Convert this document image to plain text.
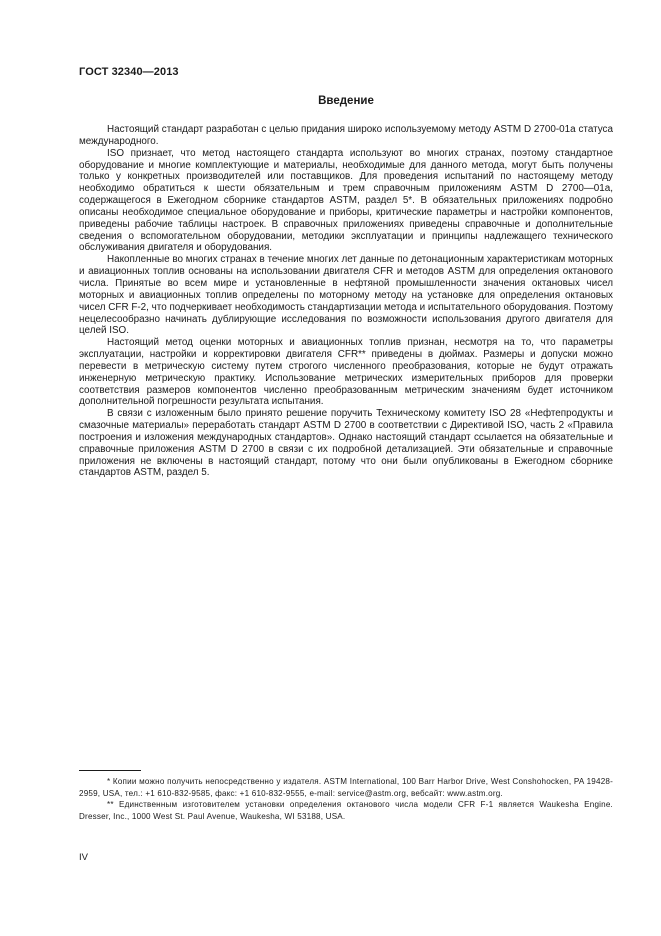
ГОСТ 32340—2013
Введение

Настоящий стандарт разработан с целью придания широко используемому методу ASTM D 2700-01a статуса международного.

ISO признает, что метод настоящего стандарта используют во многих странах, поэтому стандартное оборудование и многие комплектующие и материалы, необходимые для данного метода, могут быть получены только у конкретных производителей или поставщиков. Для проведения испытаний по настоящему методу необходимо обратиться к шести обязательным и трем справочным приложениям ASTM D 2700—01a, содержащегося в Ежегодном сборнике стандартов ASTM, раздел 5*. В обязательных приложениях подробно описаны необходимое специальное оборудование и приборы, критические параметры и настройки компонентов, приведены рабочие таблицы настроек. В справочных приложениях приведены справочные и дополнительные сведения о вспомогательном оборудовании, методики эксплуатации и принципы надлежащего технического обслуживания двигателя и оборудования.

Накопленные во многих странах в течение многих лет данные по детонационным характеристикам моторных и авиационных топлив основаны на использовании двигателя CFR и методов ASTM для определения октанового числа. Принятые во всем мире и установленные в нефтяной промышленности значения октановых чисел моторных и авиационных топлив определены по моторному методу на установке для определения октановых чисел CFR F-2, что подчеркивает необходимость стандартизации метода и испытательного оборудования. Поэтому нецелесообразно начинать дублирующие исследования по возможности использования другого двигателя для целей ISO.

Настоящий метод оценки моторных и авиационных топлив признан, несмотря на то, что параметры эксплуатации, настройки и корректировки двигателя CFR** приведены в дюймах. Размеры и допуски можно перевести в метрическую систему путем строгого численного преобразования, которые не будут отражать инженерную метрическую практику. Использование метрических измерительных приборов для проверки соответствия размеров компонентов численно преобразованным метрическим значениям будет источником дополнительной погрешности результата испытания.

В связи с изложенным было принято решение поручить Техническому комитету ISO 28 «Нефтепродукты и смазочные материалы» переработать стандарт ASTM D 2700 в соответствии с Директивой ISO, часть 2 «Правила построения и изложения международных стандартов». Однако настоящий стандарт ссылается на обязательные и справочные приложения ASTM D 2700 в связи с их подробной детализацией. Эти обязательные и справочные приложения не включены в настоящий стандарт, потому что они были опубликованы в Ежегодном сборнике стандартов ASTM, раздел 5.

* Копии можно получить непосредственно у издателя. ASTM International, 100 Barr Harbor Drive, West Conshohocken, PA 19428-2959, USA, тел.: +1 610-832-9585, факс: +1 610-832-9555, e-mail: service@astm.org, вебсайт: www.astm.org.

** Единственным изготовителем установки определения октанового числа модели CFR F-1 является Waukesha Engine. Dresser, Inc., 1000 West St. Paul Avenue, Waukesha, WI 53188, USA.

IV
